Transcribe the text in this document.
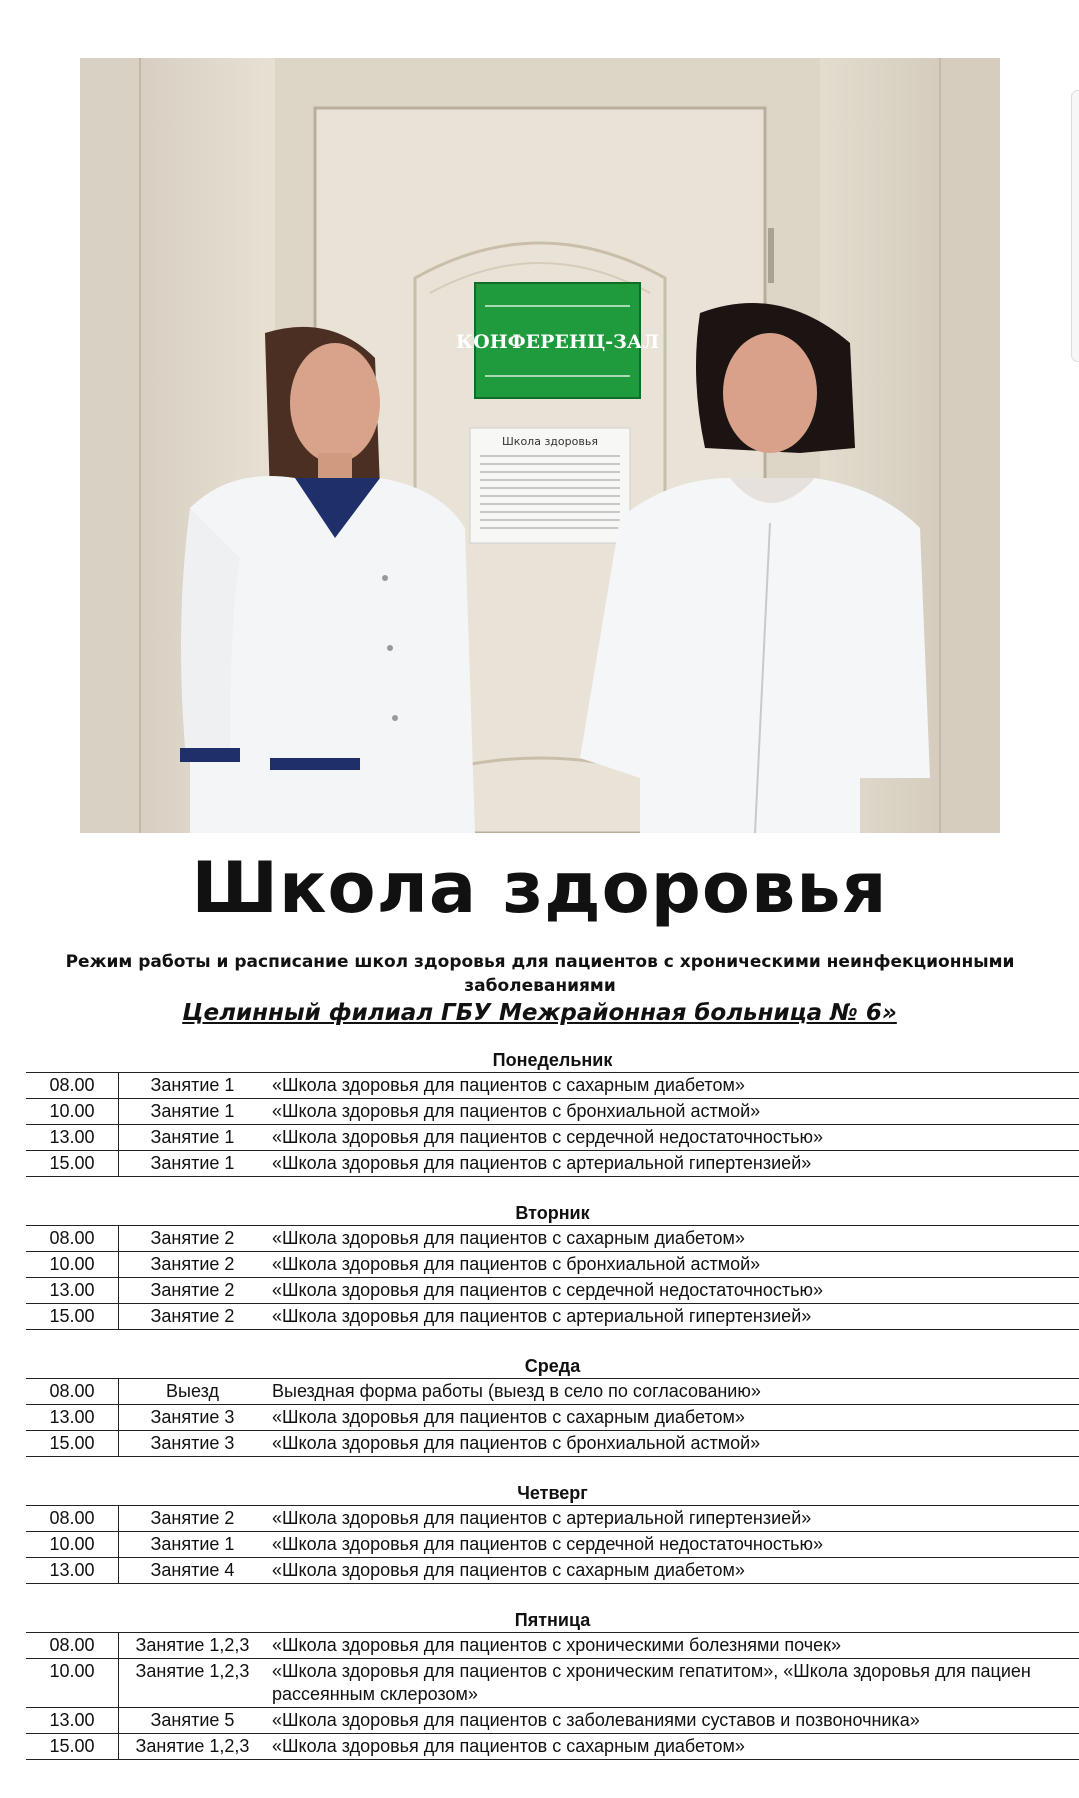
КОНФЕРЕНЦ-ЗАЛ
Школа здоровья
Школа здоровья
Режим работы и расписание школ здоровья для пациентов с хроническими неинфекционными заболеваниями
Целинный филиал ГБУ Межрайонная больница № 6»
Понедельник
08.00	Занятие 1	«Школа здоровья для пациентов с сахарным диабетом»
10.00	Занятие 1	«Школа здоровья для пациентов с бронхиальной астмой»
13.00	Занятие 1	«Школа здоровья для пациентов с сердечной недостаточностью»
15.00	Занятие 1	«Школа здоровья для пациентов с артериальной гипертензией»
Вторник
08.00	Занятие 2	«Школа здоровья для пациентов с сахарным диабетом»
10.00	Занятие 2	«Школа здоровья для пациентов с бронхиальной астмой»
13.00	Занятие 2	«Школа здоровья для пациентов с сердечной недостаточностью»
15.00	Занятие 2	«Школа здоровья для пациентов с артериальной гипертензией»
Среда
08.00	Выезд	Выездная форма работы (выезд в село по согласованию»
13.00	Занятие 3	«Школа здоровья для пациентов с сахарным диабетом»
15.00	Занятие 3	«Школа здоровья для пациентов с бронхиальной астмой»
Четверг
08.00	Занятие 2	«Школа здоровья для пациентов с артериальной гипертензией»
10.00	Занятие 1	«Школа здоровья для пациентов с сердечной недостаточностью»
13.00	Занятие 4	«Школа здоровья для пациентов с сахарным диабетом»
Пятница
08.00	Занятие 1,2,3	«Школа здоровья для пациентов с хроническими болезнями почек»
10.00	Занятие 1,2,3	«Школа здоровья для пациентов с хроническим гепатитом», «Школа здоровья для пациен рассеянным склерозом»
13.00	Занятие 5	«Школа здоровья для пациентов с заболеваниями суставов и позвоночника»
15.00	Занятие 1,2,3	«Школа здоровья для пациентов с сахарным диабетом»
